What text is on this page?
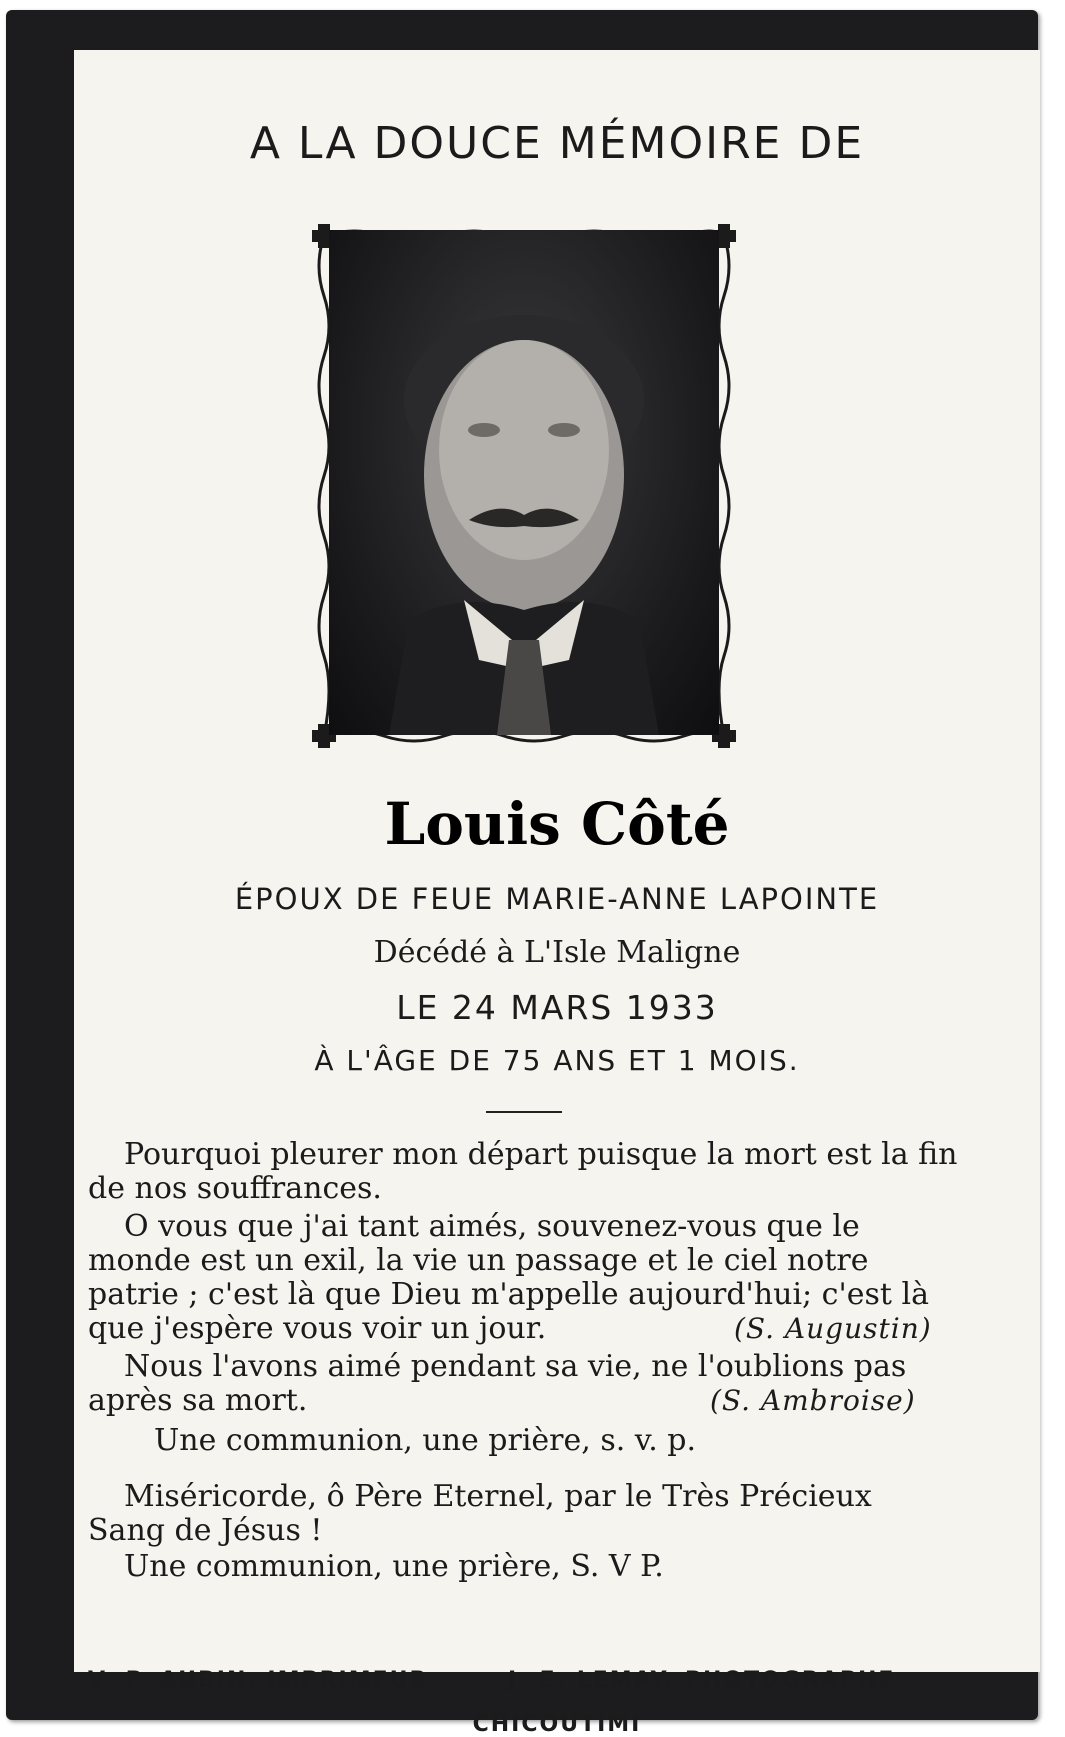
A LA DOUCE MÉMOIRE DE
Louis Côté
ÉPOUX DE FEUE MARIE-ANNE LAPOINTE
Décédé à L'Isle Maligne
LE 24 MARS 1933
À L'ÂGE DE 75 ANS ET 1 MOIS.
Pourquoi pleurer mon départ puisque la mort est la fin de nos souffrances.
O vous que j'ai tant aimés, souvenez-vous que le monde est un exil, la vie un passage et le ciel notre patrie ; c'est là que Dieu m'appelle aujourd'hui; c'est là que j'espère vous voir un jour.	(S. Augustin)
Nous l'avons aimé pendant sa vie, ne l'oublions pas après sa mort.	(S. Ambroise)
Une communion, une prière, s. v. p.
Miséricorde, ô Père Eternel, par le Très Précieux Sang de Jésus !
Une communion, une prière, S. V P.
V.-P. AUBIN, IMPRIMEUR	J.-E, LEMAY, PHOTOGRAPHE
CHICOUTIMI
